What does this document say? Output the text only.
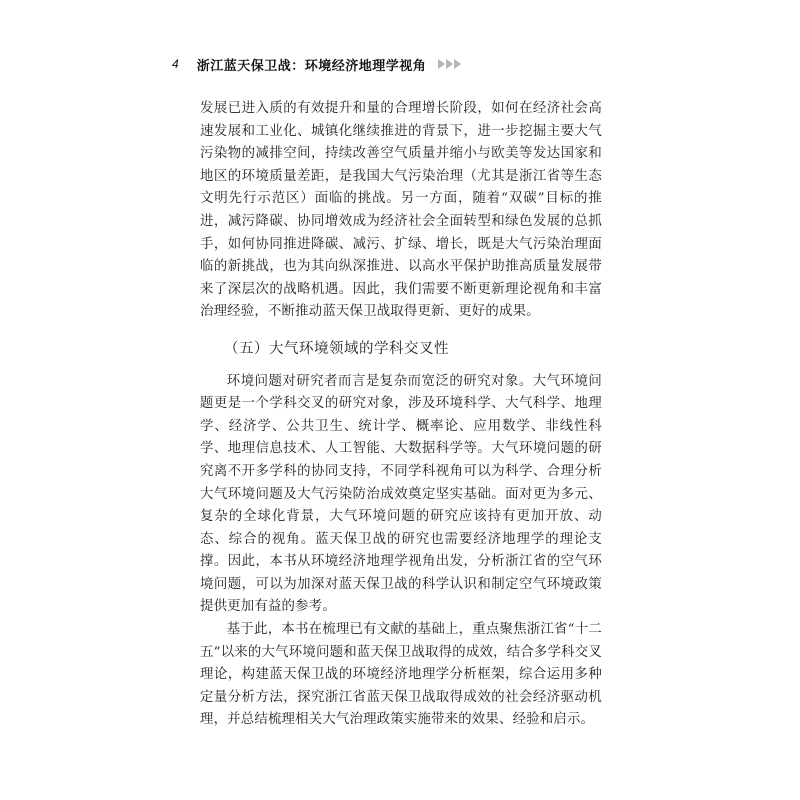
4 浙江蓝天保卫战：环境经济地理学视角

发展已进入质的有效提升和量的合理增长阶段，如何在经济社会高速发展和工业化、城镇化继续推进的背景下，进一步挖掘主要大气污染物的减排空间，持续改善空气质量并缩小与欧美等发达国家和地区的环境质量差距，是我国大气污染治理（尤其是浙江省等生态文明先行示范区）面临的挑战。另一方面，随着“双碳”目标的推进，减污降碳、协同增效成为经济社会全面转型和绿色发展的总抓手，如何协同推进降碳、减污、扩绿、增长，既是大气污染治理面临的新挑战，也为其向纵深推进、以高水平保护助推高质量发展带来了深层次的战略机遇。因此，我们需要不断更新理论视角和丰富治理经验，不断推动蓝天保卫战取得更新、更好的成果。

（五）大气环境领域的学科交叉性

环境问题对研究者而言是复杂而宽泛的研究对象。大气环境问题更是一个学科交叉的研究对象，涉及环境科学、大气科学、地理学、经济学、公共卫生、统计学、概率论、应用数学、非线性科学、地理信息技术、人工智能、大数据科学等。大气环境问题的研究离不开多学科的协同支持，不同学科视角可以为科学、合理分析大气环境问题及大气污染防治成效奠定坚实基础。面对更为多元、复杂的全球化背景，大气环境问题的研究应该持有更加开放、动态、综合的视角。蓝天保卫战的研究也需要经济地理学的理论支撑。因此，本书从环境经济地理学视角出发，分析浙江省的空气环境问题，可以为加深对蓝天保卫战的科学认识和制定空气环境政策提供更加有益的参考。

基于此，本书在梳理已有文献的基础上，重点聚焦浙江省“十二五”以来的大气环境问题和蓝天保卫战取得的成效，结合多学科交叉理论，构建蓝天保卫战的环境经济地理学分析框架，综合运用多种定量分析方法，探究浙江省蓝天保卫战取得成效的社会经济驱动机理，并总结梳理相关大气治理政策实施带来的效果、经验和启示。
